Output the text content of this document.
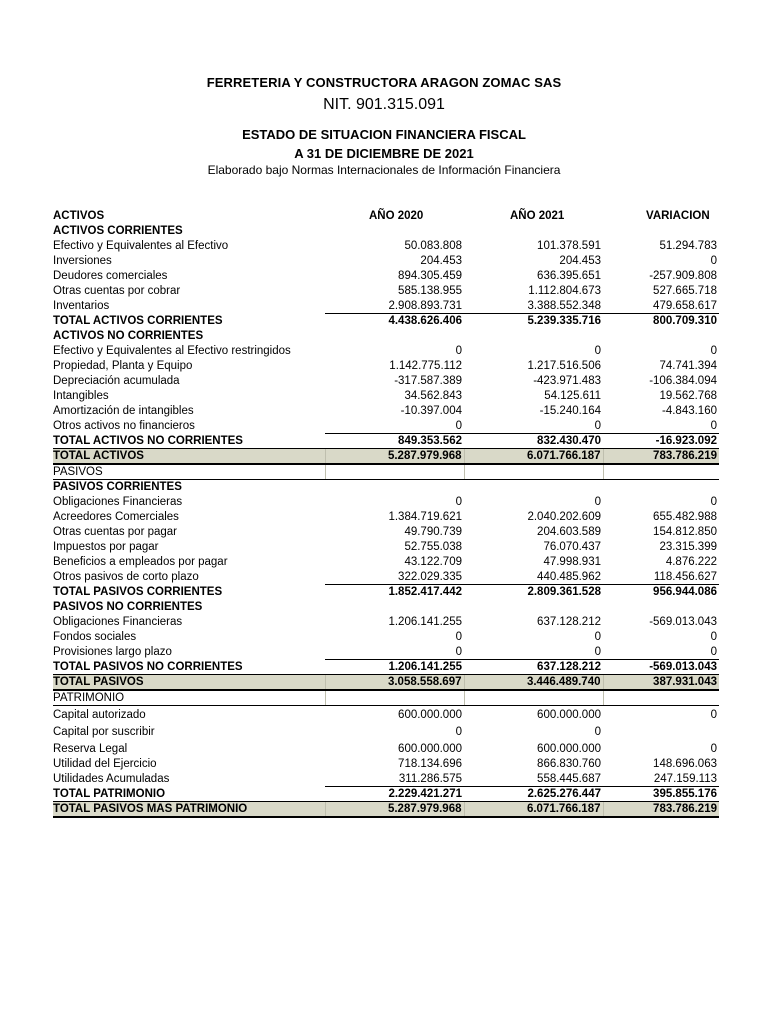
FERRETERIA Y CONSTRUCTORA ARAGON ZOMAC SAS
NIT. 901.315.091
ESTADO DE SITUACION FINANCIERA FISCAL
A 31 DE DICIEMBRE DE 2021
Elaborado bajo Normas Internacionales de Información Financiera
ACTIVOS	AÑO 2020	AÑO 2021	VARIACION
ACTIVOS CORRIENTES			
Efectivo y Equivalentes al Efectivo	50.083.808	101.378.591	51.294.783
Inversiones	204.453	204.453	0
Deudores comerciales	894.305.459	636.395.651	-257.909.808
Otras cuentas por cobrar	585.138.955	1.112.804.673	527.665.718
Inventarios	2.908.893.731	3.388.552.348	479.658.617
TOTAL ACTIVOS CORRIENTES	4.438.626.406	5.239.335.716	800.709.310
ACTIVOS NO CORRIENTES			
Efectivo y Equivalentes al Efectivo restringidos	0	0	0
Propiedad, Planta y Equipo	1.142.775.112	1.217.516.506	74.741.394
Depreciación acumulada	-317.587.389	-423.971.483	-106.384.094
Intangibles	34.562.843	54.125.611	19.562.768
Amortización de intangibles	-10.397.004	-15.240.164	-4.843.160
Otros activos no financieros	0	0	0
TOTAL ACTIVOS NO CORRIENTES	849.353.562	832.430.470	-16.923.092
TOTAL ACTIVOS	5.287.979.968	6.071.766.187	783.786.219
PASIVOS			
PASIVOS CORRIENTES			
Obligaciones Financieras	0	0	0
Acreedores Comerciales	1.384.719.621	2.040.202.609	655.482.988
Otras cuentas por pagar	49.790.739	204.603.589	154.812.850
Impuestos por pagar	52.755.038	76.070.437	23.315.399
Beneficios a empleados por pagar	43.122.709	47.998.931	4.876.222
Otros pasivos de corto plazo	322.029.335	440.485.962	118.456.627
TOTAL PASIVOS CORRIENTES	1.852.417.442	2.809.361.528	956.944.086
PASIVOS NO CORRIENTES			
Obligaciones Financieras	1.206.141.255	637.128.212	-569.013.043
Fondos sociales	0	0	0
Provisiones largo plazo	0	0	0
TOTAL PASIVOS NO CORRIENTES	1.206.141.255	637.128.212	-569.013.043
TOTAL PASIVOS	3.058.558.697	3.446.489.740	387.931.043
PATRIMONIO			
Capital autorizado	600.000.000	600.000.000	0
Capital por suscribir	0	0	
Reserva Legal	600.000.000	600.000.000	0
Utilidad del Ejercicio	718.134.696	866.830.760	148.696.063
Utilidades Acumuladas	311.286.575	558.445.687	247.159.113
TOTAL PATRIMONIO	2.229.421.271	2.625.276.447	395.855.176
TOTAL PASIVOS MAS PATRIMONIO	5.287.979.968	6.071.766.187	783.786.219
